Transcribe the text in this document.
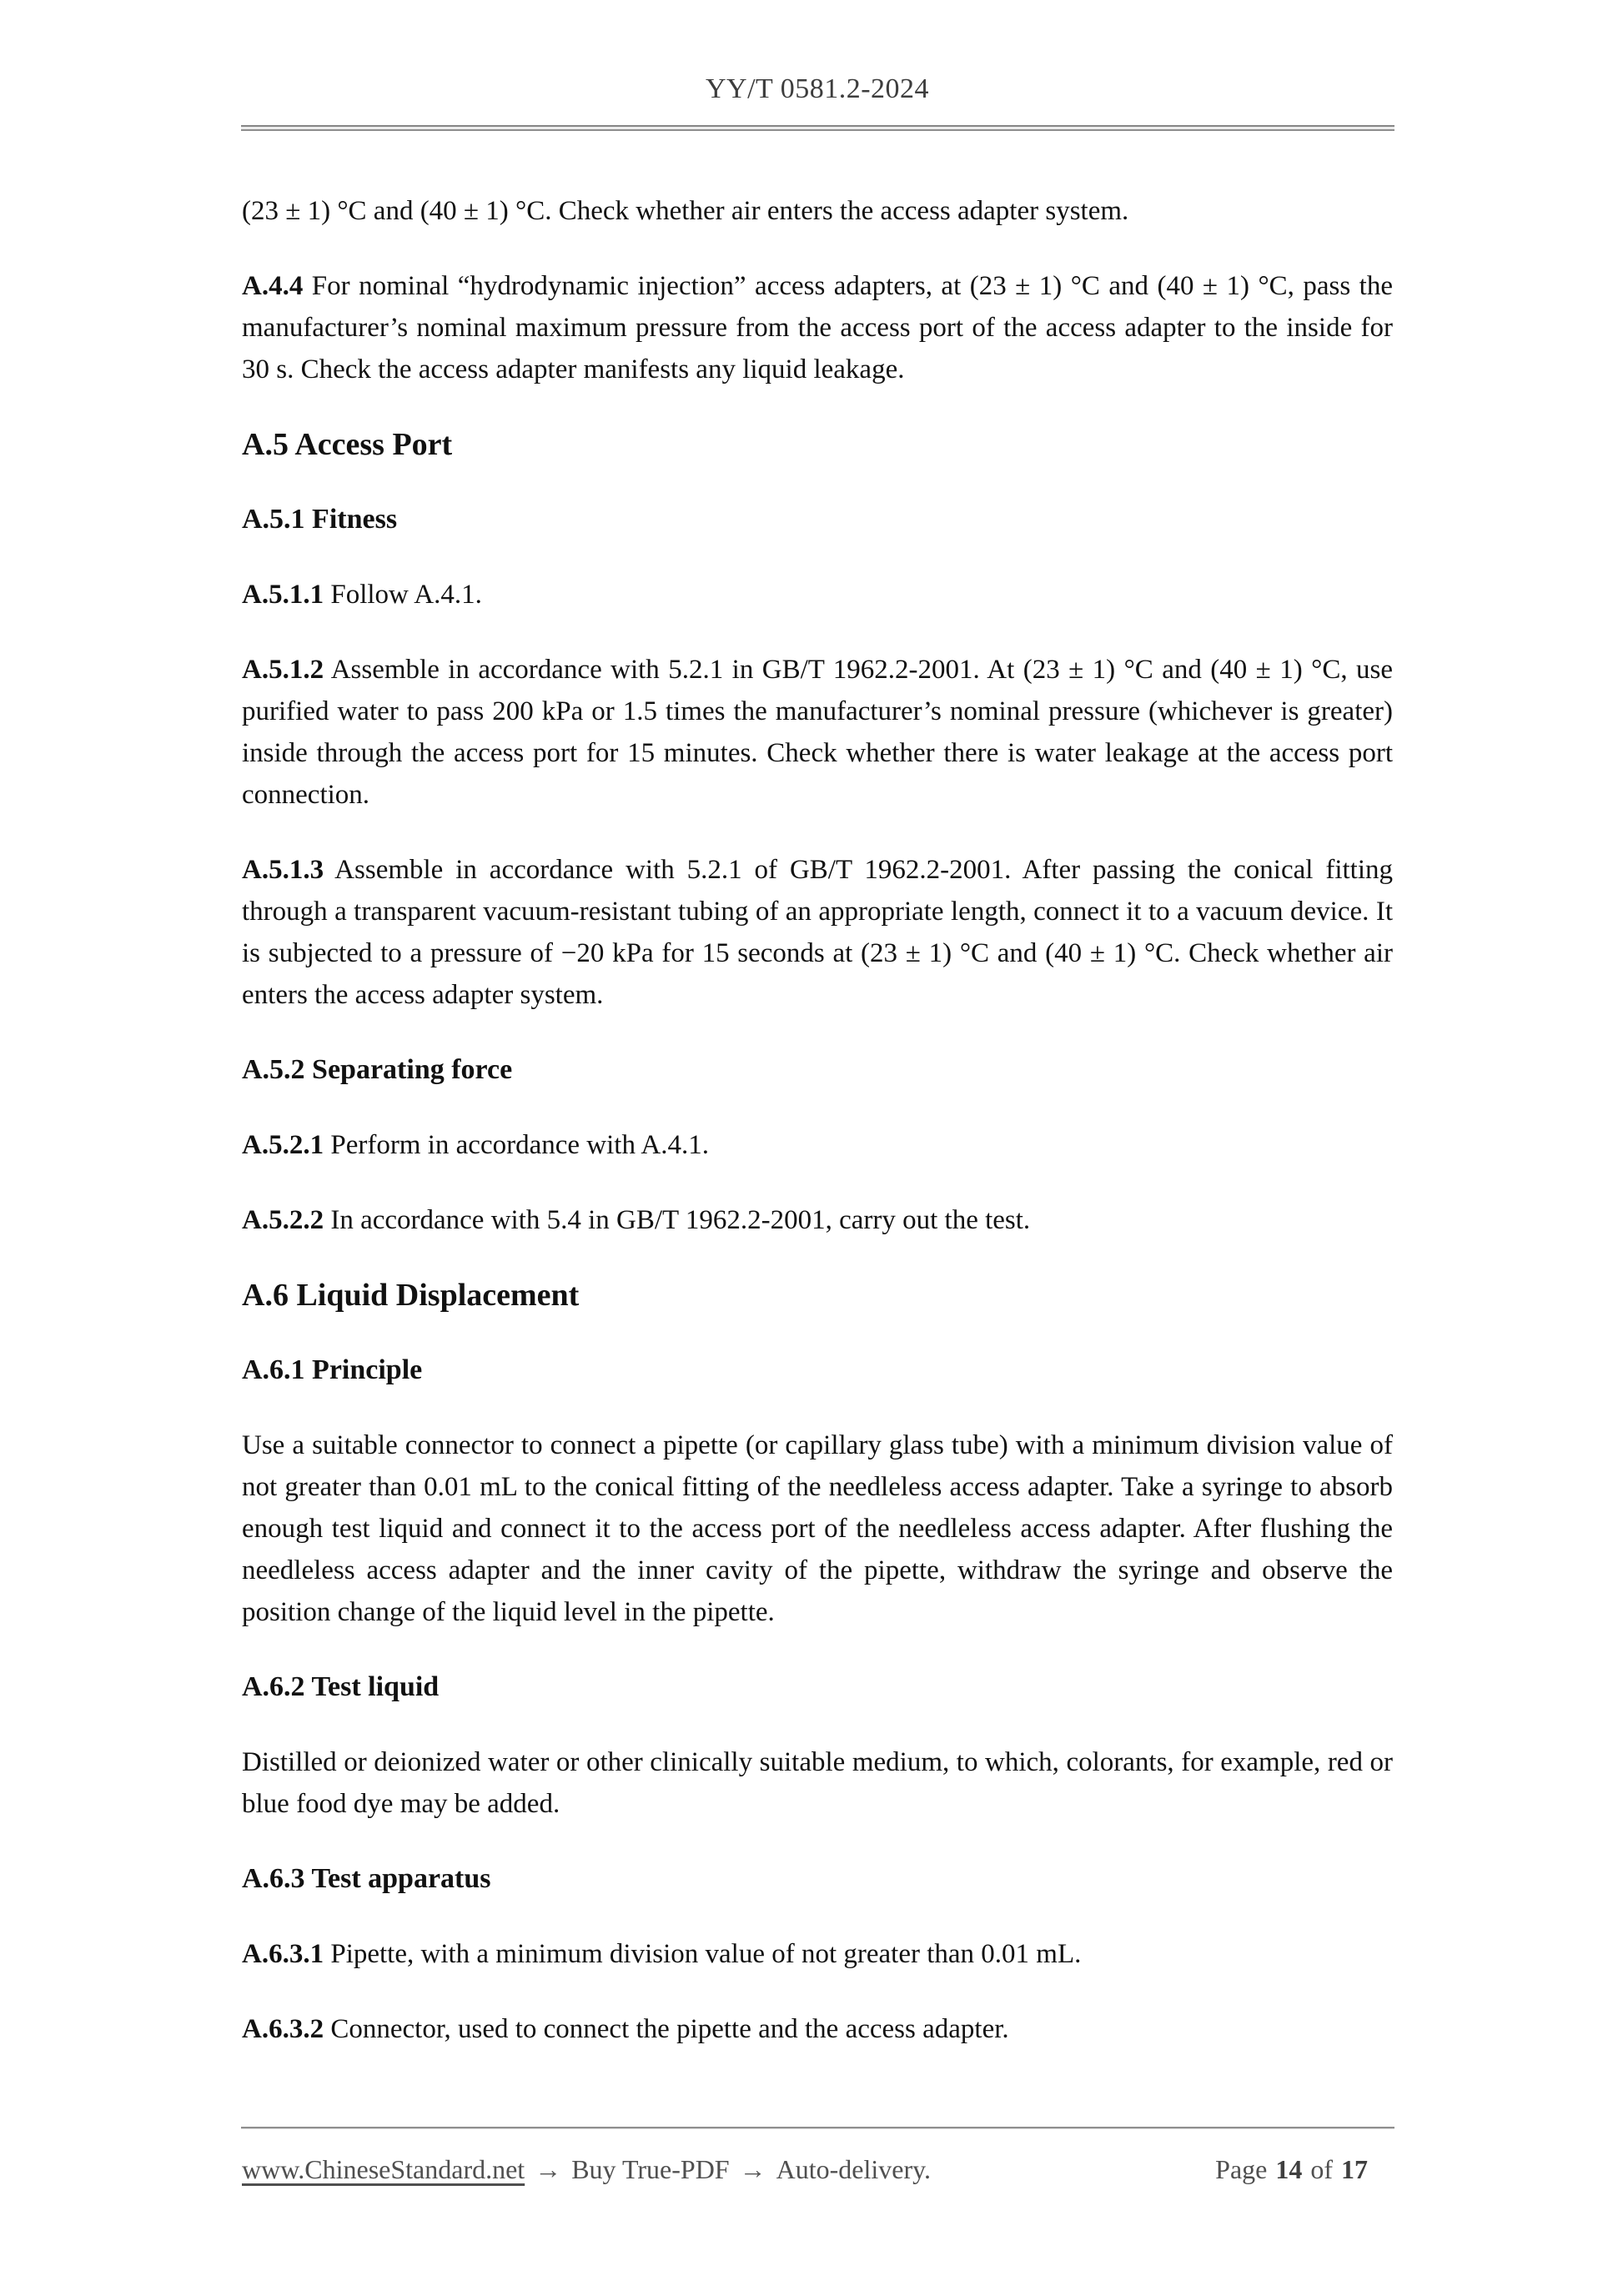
YY/T 0581.2-2024

(23 ± 1) °C and (40 ± 1) °C. Check whether air enters the access adapter system.

A.4.4 For nominal “hydrodynamic injection” access adapters, at (23 ± 1) °C and (40 ± 1) °C, pass the manufacturer’s nominal maximum pressure from the access port of the access adapter to the inside for 30 s. Check the access adapter manifests any liquid leakage.

A.5 Access Port
A.5.1 Fitness

A.5.1.1 Follow A.4.1.

A.5.1.2 Assemble in accordance with 5.2.1 in GB/T 1962.2-2001. At (23 ± 1) °C and (40 ± 1) °C, use purified water to pass 200 kPa or 1.5 times the manufacturer’s nominal pressure (whichever is greater) inside through the access port for 15 minutes. Check whether there is water leakage at the access port connection.

A.5.1.3 Assemble in accordance with 5.2.1 of GB/T 1962.2-2001. After passing the conical fitting through a transparent vacuum-resistant tubing of an appropriate length, connect it to a vacuum device. It is subjected to a pressure of −20 kPa for 15 seconds at (23 ± 1) °C and (40 ± 1) °C. Check whether air enters the access adapter system.

A.5.2 Separating force

A.5.2.1 Perform in accordance with A.4.1.

A.5.2.2 In accordance with 5.4 in GB/T 1962.2-2001, carry out the test.

A.6 Liquid Displacement
A.6.1 Principle

Use a suitable connector to connect a pipette (or capillary glass tube) with a minimum division value of not greater than 0.01 mL to the conical fitting of the needleless access adapter. Take a syringe to absorb enough test liquid and connect it to the access port of the needleless access adapter. After flushing the needleless access adapter and the inner cavity of the pipette, withdraw the syringe and observe the position change of the liquid level in the pipette.

A.6.2 Test liquid

Distilled or deionized water or other clinically suitable medium, to which, colorants, for example, red or blue food dye may be added.

A.6.3 Test apparatus

A.6.3.1 Pipette, with a minimum division value of not greater than 0.01 mL.

A.6.3.2 Connector, used to connect the pipette and the access adapter.

www.ChineseStandard.net → Buy True-PDF → Auto-delivery.	Page 14 of 17
